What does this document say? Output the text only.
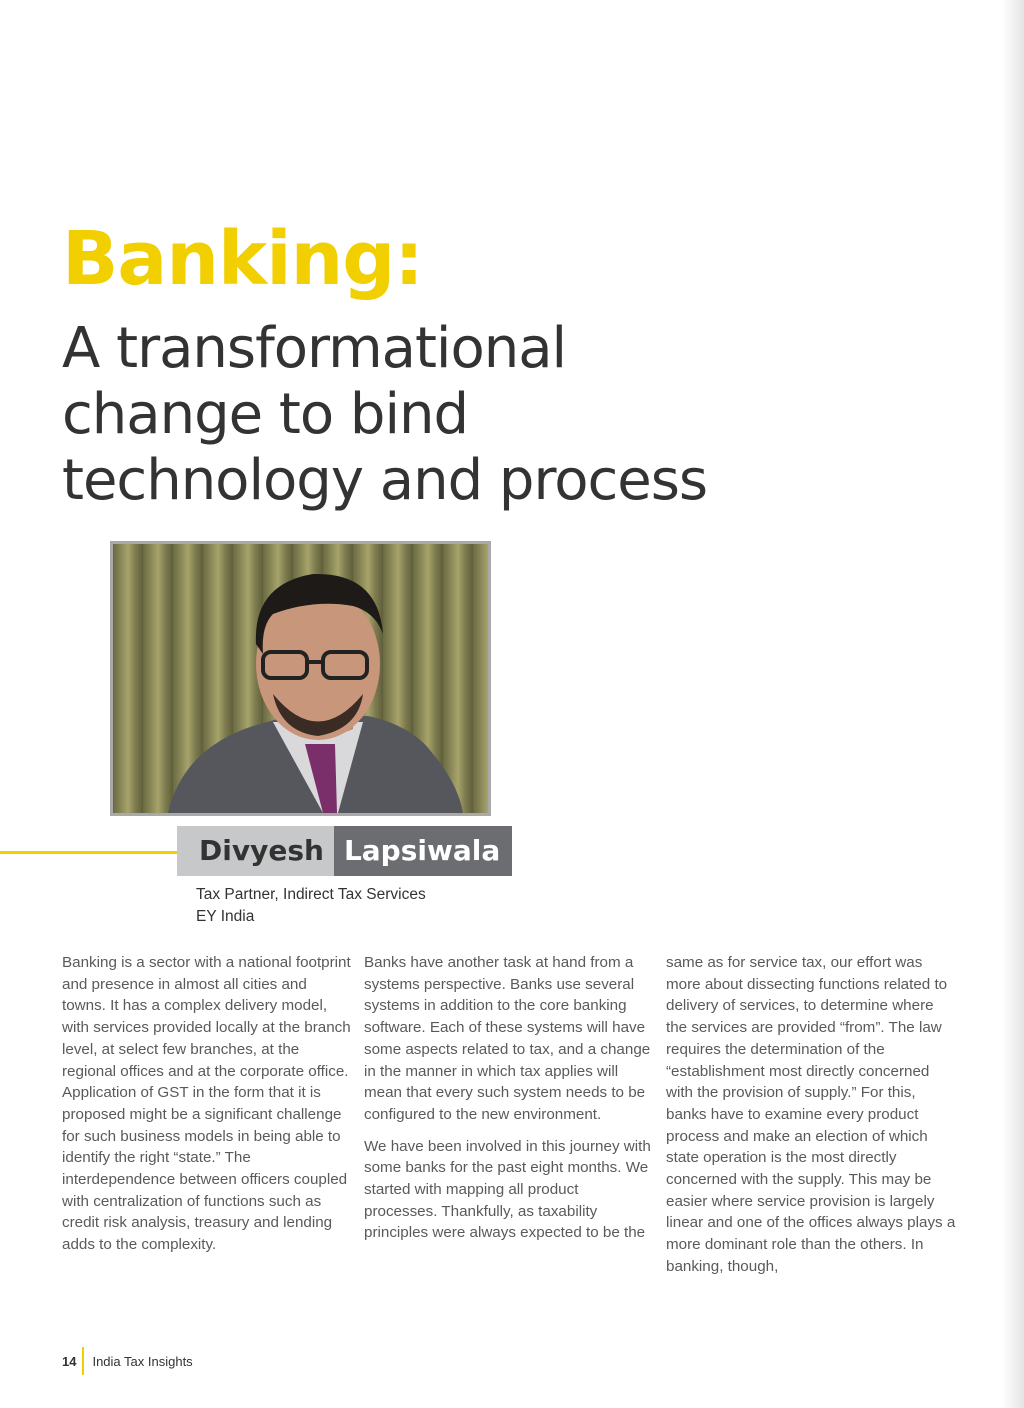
Banking:
A transformational
change to bind
technology and process
Divyesh Lapsiwala
Tax Partner, Indirect Tax Services
EY India

Banking is a sector with a national footprint and presence in almost all cities and towns. It has a complex delivery model, with services provided locally at the branch level, at select few branches, at the regional offices and at the corporate office. Application of GST in the form that it is proposed might be a significant challenge for such business models in being able to identify the right “state.” The interdependence between officers coupled with centralization of functions such as credit risk analysis, treasury and lending adds to the complexity.

Banks have another task at hand from a systems perspective. Banks use several systems in addition to the core banking software. Each of these systems will have some aspects related to tax, and a change in the manner in which tax applies will mean that every such system needs to be configured to the new environment.

We have been involved in this journey with some banks for the past eight months. We started with mapping all product processes. Thankfully, as taxability principles were always expected to be the

same as for service tax, our effort was more about dissecting functions related to delivery of services, to determine where the services are provided “from”. The law requires the determination of the “establishment most directly concerned with the provision of supply.” For this, banks have to examine every product process and make an election of which state operation is the most directly concerned with the supply. This may be easier where service provision is largely linear and one of the offices always plays a more dominant role than the others. In banking, though,

14 India Tax Insights
